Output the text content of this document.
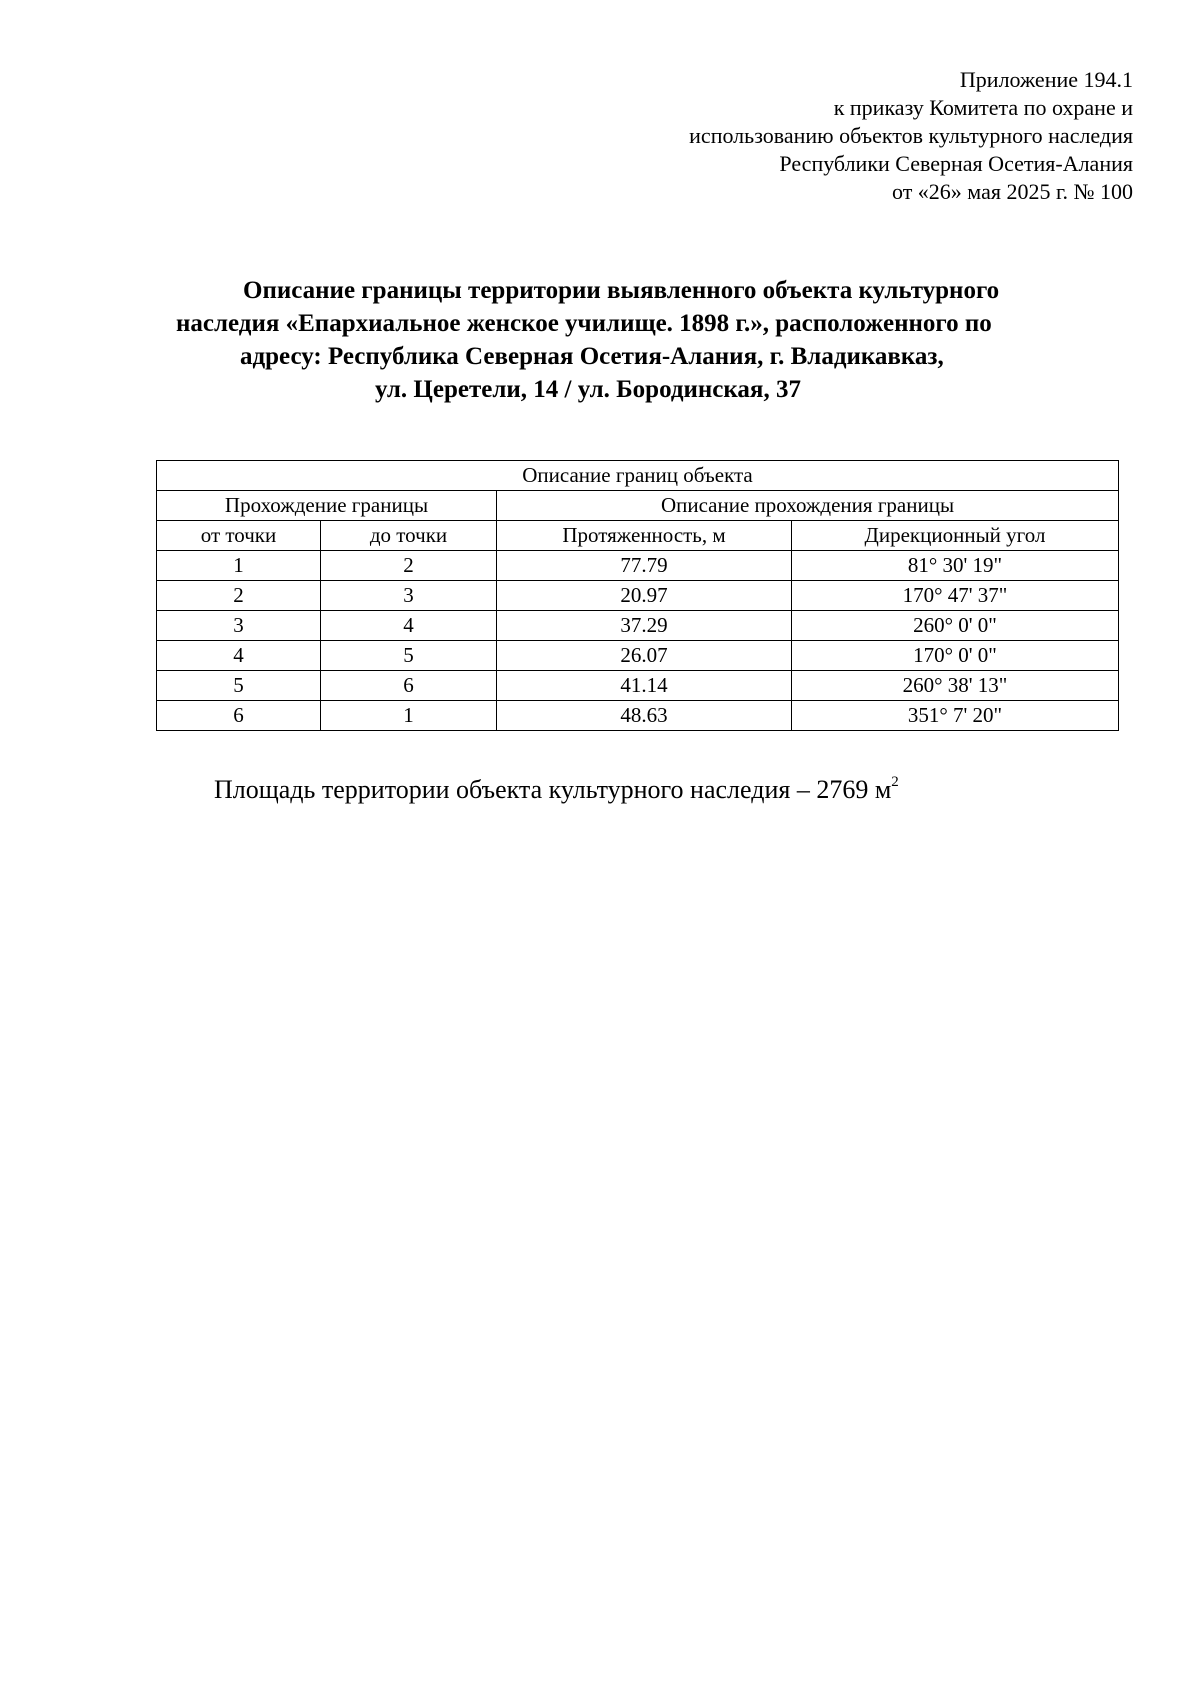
Приложение 194.1
к приказу Комитета по охране и
использованию объектов культурного наследия
Республики Северная Осетия-Алания
от «26» мая 2025 г. № 100
Описание границы территории выявленного объекта культурного
наследия «Епархиальное женское училище. 1898 г.», расположенного по
адресу: Республика Северная Осетия-Алания, г. Владикавказ,
ул. Церетели, 14 / ул. Бородинская, 37
Описание границ объекта			
Прохождение границы		Описание прохождения границы	
от точки	до точки	Протяженность, м	Дирекционный угол
1	2	77.79	81° 30' 19"
2	3	20.97	170° 47' 37"
3	4	37.29	260° 0' 0"
4	5	26.07	170° 0' 0"
5	6	41.14	260° 38' 13"
6	1	48.63	351° 7' 20"
Площадь территории объекта культурного наследия – 2769 $м^2$
